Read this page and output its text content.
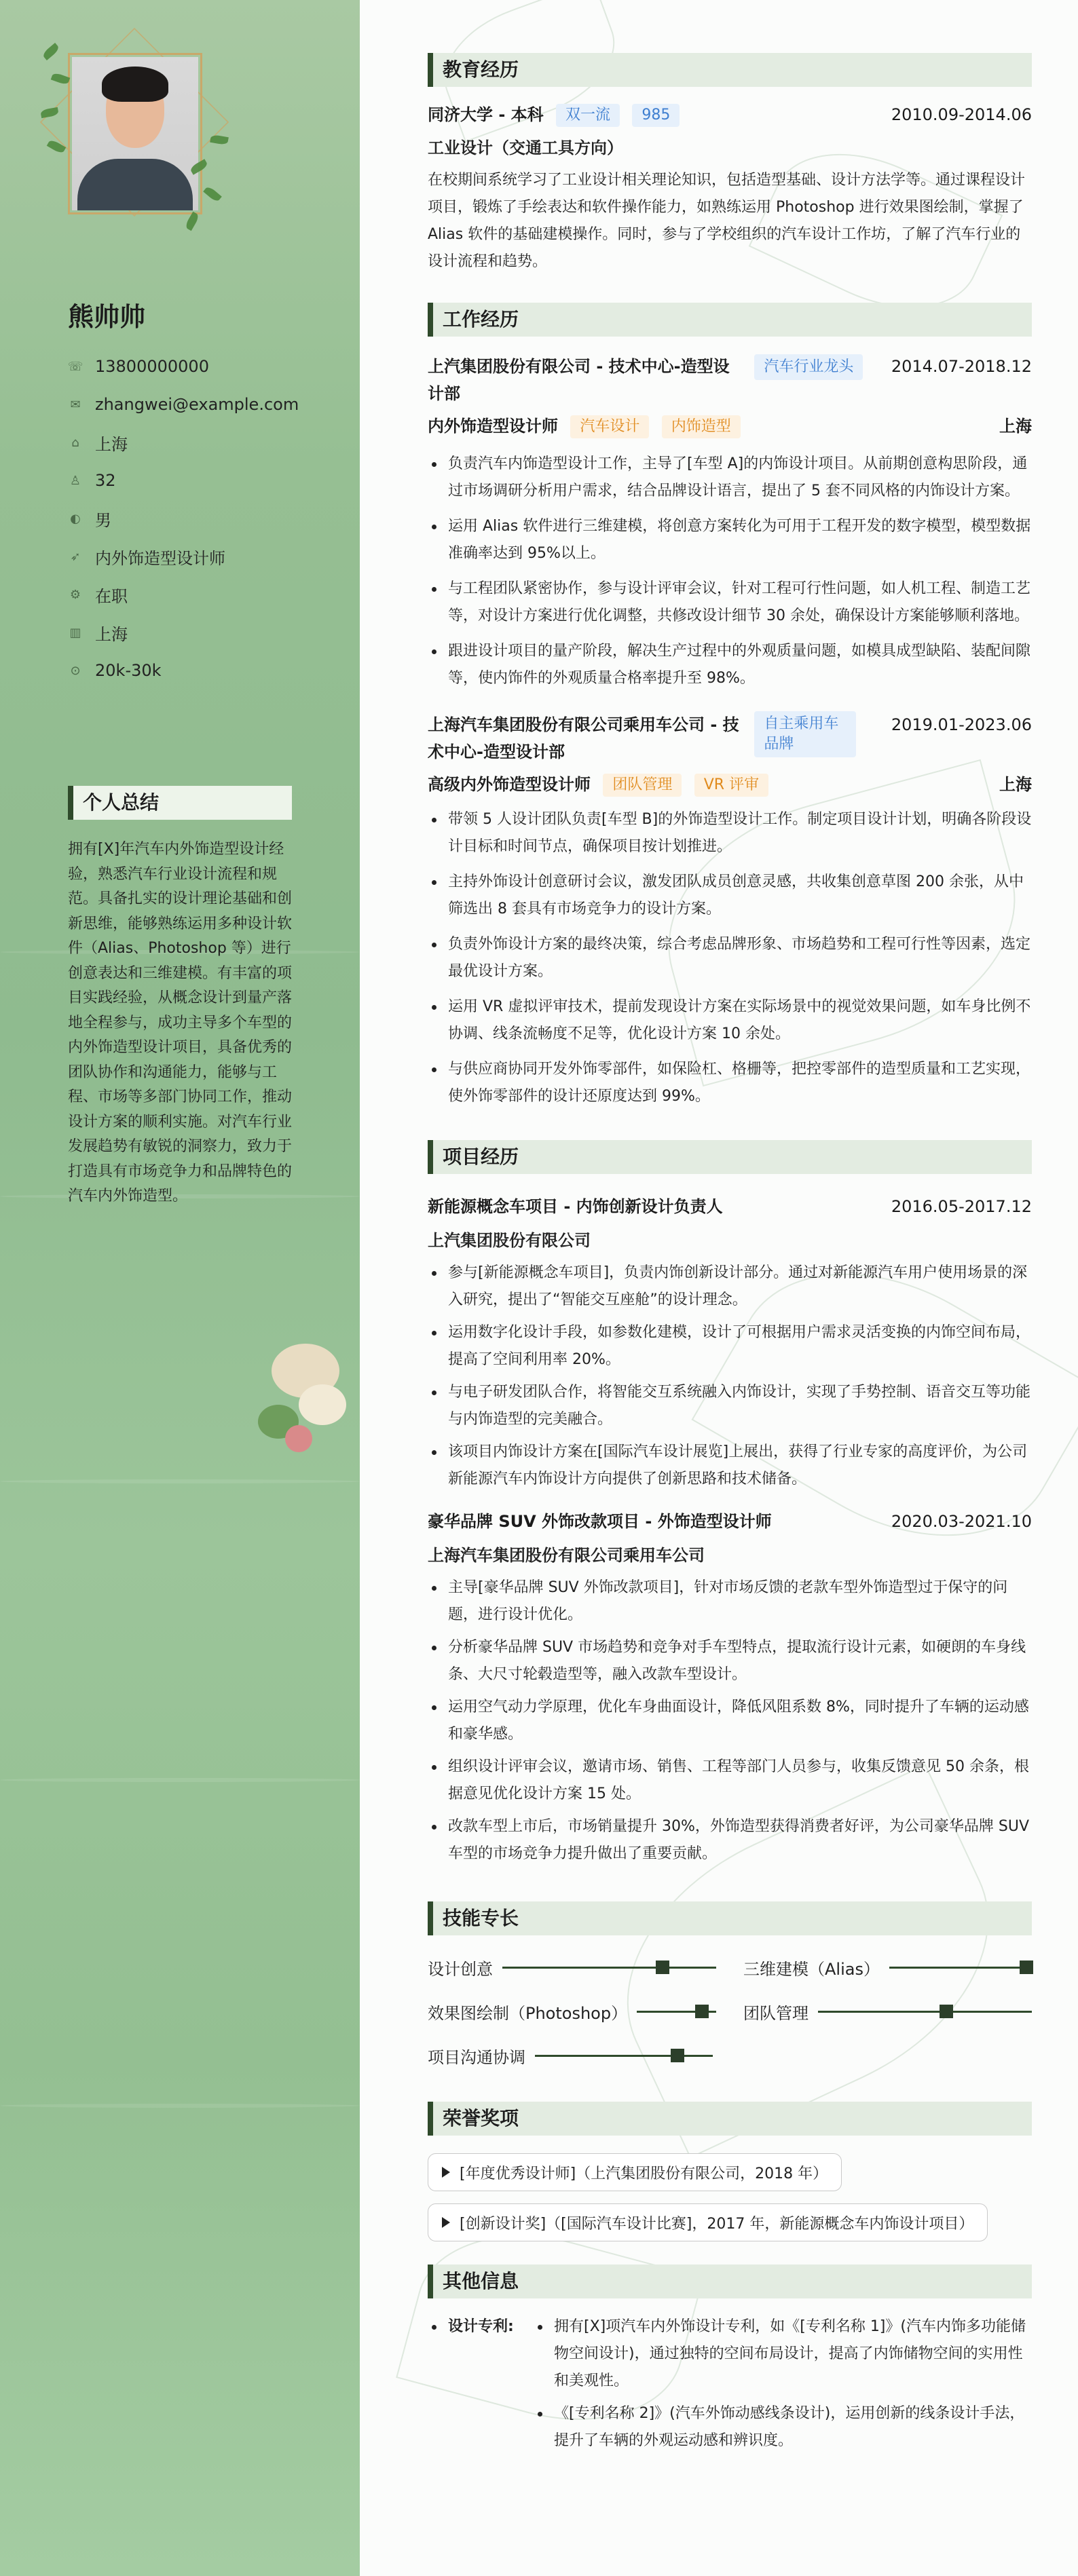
熊帅帅
☏ 13800000000
✉ zhangwei@example.com
⌂ 上海
♙ 32
◐ 男
➶ 内外饰造型设计师
⚙ 在职
▥ 上海
⊙ 20k-30k
个人总结
拥有[X]年汽车内外饰造型设计经验，熟悉汽车行业设计流程和规范。具备扎实的设计理论基础和创新思维，能够熟练运用多种设计软件（Alias、Photoshop 等）进行创意表达和三维建模。有丰富的项目实践经验，从概念设计到量产落地全程参与，成功主导多个车型的内外饰造型设计项目，具备优秀的团队协作和沟通能力，能够与工程、市场等多部门协同工作，推动设计方案的顺利实施。对汽车行业发展趋势有敏锐的洞察力，致力于打造具有市场竞争力和品牌特色的汽车内外饰造型。
教育经历
同济大学 - 本科 双一流 985	2010.09-2014.06
工业设计（交通工具方向）
在校期间系统学习了工业设计相关理论知识，包括造型基础、设计方法学等。通过课程设计项目，锻炼了手绘表达和软件操作能力，如熟练运用 Photoshop 进行效果图绘制，掌握了 Alias 软件的基础建模操作。同时，参与了学校组织的汽车设计工作坊，了解了汽车行业的设计流程和趋势。
工作经历
上汽集团股份有限公司 - 技术中心-造型设计部
汽车行业龙头	2014.07-2018.12
内外饰造型设计师 汽车设计 内饰造型	上海
负责汽车内饰造型设计工作，主导了[车型 A]的内饰设计项目。从前期创意构思阶段，通过市场调研分析用户需求，结合品牌设计语言，提出了 5 套不同风格的内饰设计方案。
运用 Alias 软件进行三维建模，将创意方案转化为可用于工程开发的数字模型，模型数据准确率达到 95%以上。
与工程团队紧密协作，参与设计评审会议，针对工程可行性问题，如人机工程、制造工艺等，对设计方案进行优化调整，共修改设计细节 30 余处，确保设计方案能够顺利落地。
跟进设计项目的量产阶段，解决生产过程中的外观质量问题，如模具成型缺陷、装配间隙等，使内饰件的外观质量合格率提升至 98%。
上海汽车集团股份有限公司乘用车公司 - 技术中心-造型设计部
自主乘用车品牌
2019.01-2023.06
高级内外饰造型设计师 团队管理 VR 评审	上海
带领 5 人设计团队负责[车型 B]的外饰造型设计工作。制定项目设计计划，明确各阶段设计目标和时间节点，确保项目按计划推进。
主持外饰设计创意研讨会议，激发团队成员创意灵感，共收集创意草图 200 余张，从中筛选出 8 套具有市场竞争力的设计方案。
负责外饰设计方案的最终决策，综合考虑品牌形象、市场趋势和工程可行性等因素，选定最优设计方案。
运用 VR 虚拟评审技术，提前发现设计方案在实际场景中的视觉效果问题，如车身比例不协调、线条流畅度不足等，优化设计方案 10 余处。
与供应商协同开发外饰零部件，如保险杠、格栅等，把控零部件的造型质量和工艺实现，使外饰零部件的设计还原度达到 99%。
项目经历
新能源概念车项目 - 内饰创新设计负责人	2016.05-2017.12
上汽集团股份有限公司
参与[新能源概念车项目]，负责内饰创新设计部分。通过对新能源汽车用户使用场景的深入研究，提出了“智能交互座舱”的设计理念。
运用数字化设计手段，如参数化建模，设计了可根据用户需求灵活变换的内饰空间布局，提高了空间利用率 20%。
与电子研发团队合作，将智能交互系统融入内饰设计，实现了手势控制、语音交互等功能与内饰造型的完美融合。
该项目内饰设计方案在[国际汽车设计展览]上展出，获得了行业专家的高度评价，为公司新能源汽车内饰设计方向提供了创新思路和技术储备。
豪华品牌 SUV 外饰改款项目 - 外饰造型设计师	2020.03-2021.10
上海汽车集团股份有限公司乘用车公司
主导[豪华品牌 SUV 外饰改款项目]，针对市场反馈的老款车型外饰造型过于保守的问题，进行设计优化。
分析豪华品牌 SUV 市场趋势和竞争对手车型特点，提取流行设计元素，如硬朗的车身线条、大尺寸轮毂造型等，融入改款车型设计。
运用空气动力学原理，优化车身曲面设计，降低风阻系数 8%，同时提升了车辆的运动感和豪华感。
组织设计评审会议，邀请市场、销售、工程等部门人员参与，收集反馈意见 50 余条，根据意见优化设计方案 15 处。
改款车型上市后，市场销量提升 30%，外饰造型获得消费者好评，为公司豪华品牌 SUV 车型的市场竞争力提升做出了重要贡献。
技能专长
设计创意	三维建模（Alias）
效果图绘制（Photoshop）	团队管理
项目沟通协调
荣誉奖项
[年度优秀设计师]（上汽集团股份有限公司，2018 年）
[创新设计奖]（[国际汽车设计比赛]，2017 年，新能源概念车内饰设计项目）
其他信息
设计专利:	拥有[X]项汽车内外饰设计专利，如《[专利名称 1]》(汽车内饰多功能储物空间设计)，通过独特的空间布局设计，提高了内饰储物空间的实用性和美观性。
《[专利名称 2]》(汽车外饰动感线条设计)，运用创新的线条设计手法，提升了车辆的外观运动感和辨识度。
